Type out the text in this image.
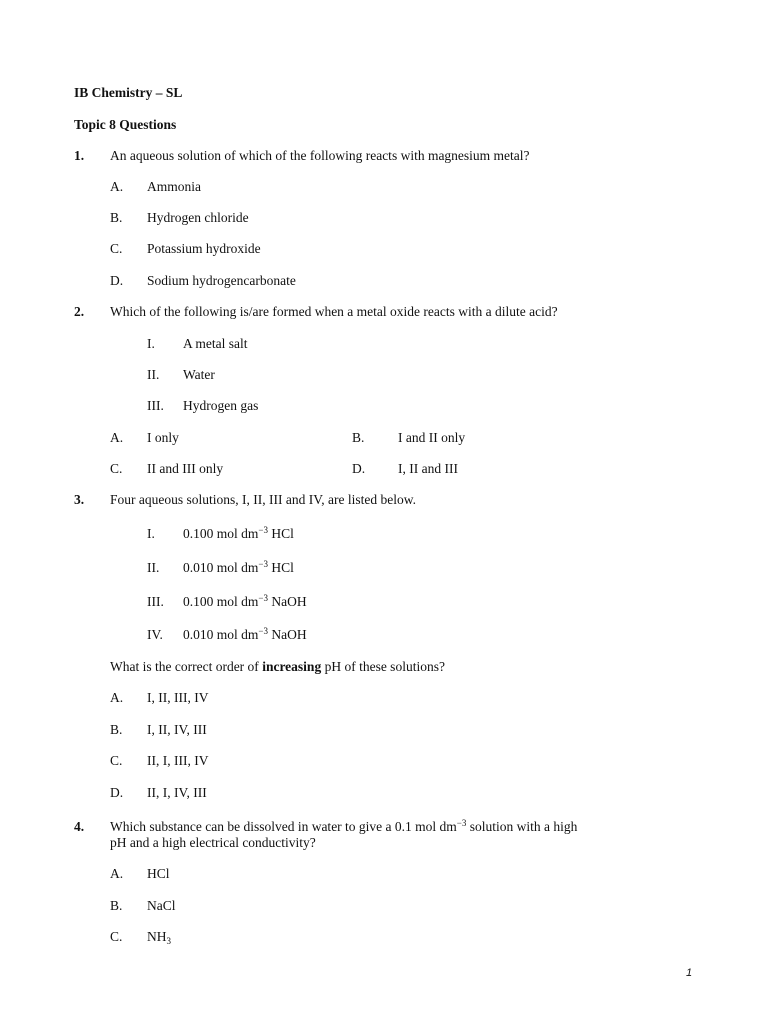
IB Chemistry – SL
Topic 8 Questions
1. An aqueous solution of which of the following reacts with magnesium metal?
A. Ammonia
B. Hydrogen chloride
C. Potassium hydroxide
D. Sodium hydrogencarbonate
2. Which of the following is/are formed when a metal oxide reacts with a dilute acid?
I. A metal salt
II. Water
III. Hydrogen gas
A. I only	B. I and II only
C. II and III only	D. I, II and III
3. Four aqueous solutions, I, II, III and IV, are listed below.
I. 0.100 mol $dm^{-3}$ HCl
II. 0.010 mol $dm^{-3}$ HCl
III. 0.100 mol $dm^{-3}$ NaOH
IV. 0.010 mol $dm^{-3}$ NaOH
What is the correct order of increasing pH of these solutions?
A. I, II, III, IV
B. I, II, IV, III
C. II, I, III, IV
D. II, I, IV, III
4. Which substance can be dissolved in water to give a 0.1 mol $dm^{-3}$ solution with a high
pH and a high electrical conductivity?
A. HCl
B. NaCl
C. $NH_3$
1
